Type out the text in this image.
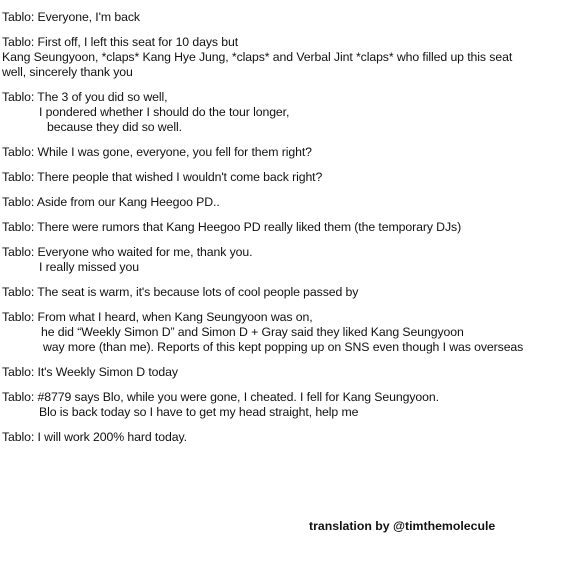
Tablo: Everyone, I'm back
Tablo: First off, I left this seat for 10 days but
Kang Seungyoon, *claps* Kang Hye Jung, *claps* and Verbal Jint *claps* who filled up this seat
well, sincerely thank you
Tablo: The 3 of you did so well,
I pondered whether I should do the tour longer,
because they did so well.
Tablo: While I was gone, everyone, you fell for them right?
Tablo: There people that wished I wouldn't come back right?
Tablo: Aside from our Kang Heegoo PD..
Tablo: There were rumors that Kang Heegoo PD really liked them (the temporary DJs)
Tablo: Everyone who waited for me, thank you.
I really missed you
Tablo: The seat is warm, it's because lots of cool people passed by
Tablo: From what I heard, when Kang Seungyoon was on,
he did “Weekly Simon D” and Simon D + Gray said they liked Kang Seungyoon
way more (than me). Reports of this kept popping up on SNS even though I was overseas
Tablo: It's Weekly Simon D today
Tablo: #8779 says Blo, while you were gone, I cheated. I fell for Kang Seungyoon.
Blo is back today so I have to get my head straight, help me
Tablo: I will work 200% hard today.
translation by @timthemolecule
